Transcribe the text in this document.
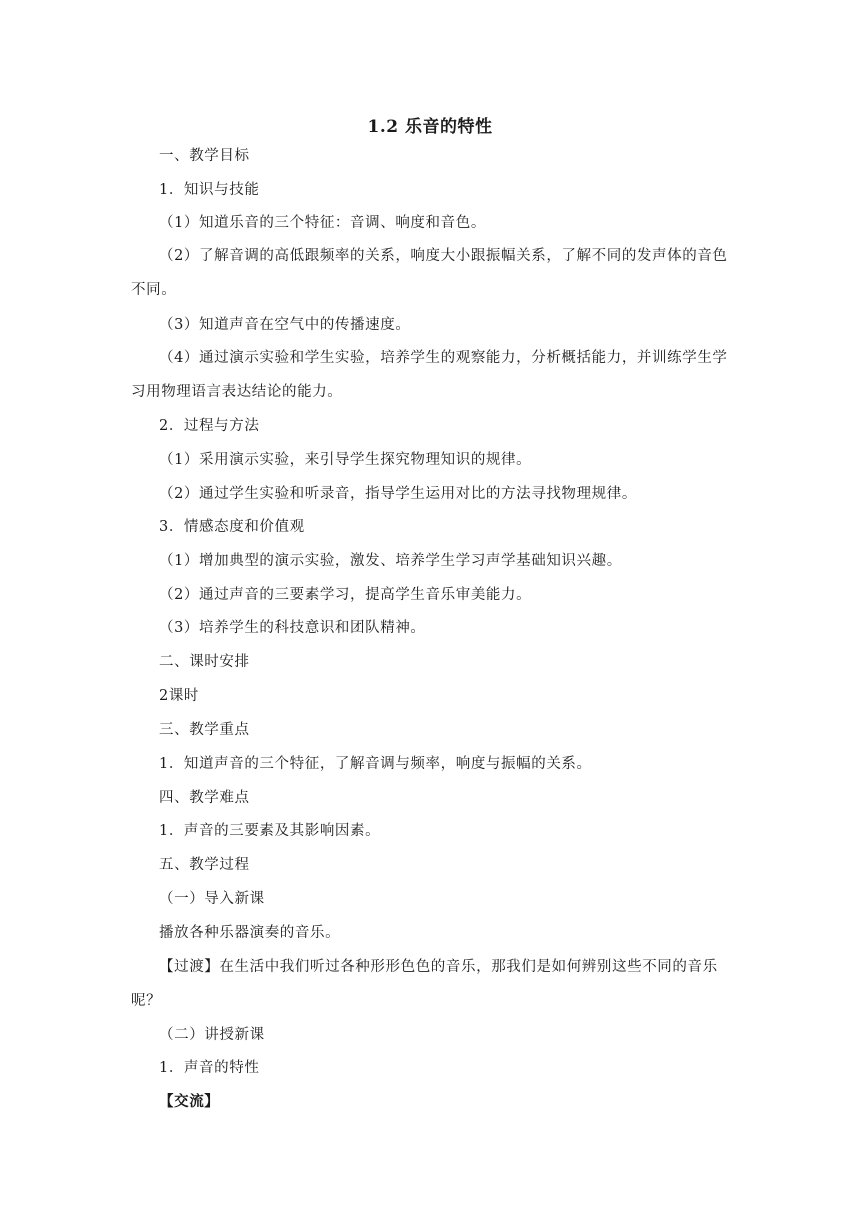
1.2 乐音的特性
一、教学目标
1．知识与技能
（1）知道乐音的三个特征：音调、响度和音色。
（2）了解音调的高低跟频率的关系，响度大小跟振幅关系，了解不同的发声体的音色
不同。
（3）知道声音在空气中的传播速度。
（4）通过演示实验和学生实验，培养学生的观察能力，分析概括能力，并训练学生学
习用物理语言表达结论的能力。
2．过程与方法
（1）采用演示实验，来引导学生探究物理知识的规律。
（2）通过学生实验和听录音，指导学生运用对比的方法寻找物理规律。
3．情感态度和价值观
（1）增加典型的演示实验，激发、培养学生学习声学基础知识兴趣。
（2）通过声音的三要素学习，提高学生音乐审美能力。
（3）培养学生的科技意识和团队精神。
二、课时安排
2课时
三、教学重点
1．知道声音的三个特征，了解音调与频率，响度与振幅的关系。
四、教学难点
1．声音的三要素及其影响因素。
五、教学过程
（一）导入新课
播放各种乐器演奏的音乐。
【过渡】在生活中我们听过各种形形色色的音乐，那我们是如何辨别这些不同的音乐
呢？
（二）讲授新课
1．声音的特性
【交流】
